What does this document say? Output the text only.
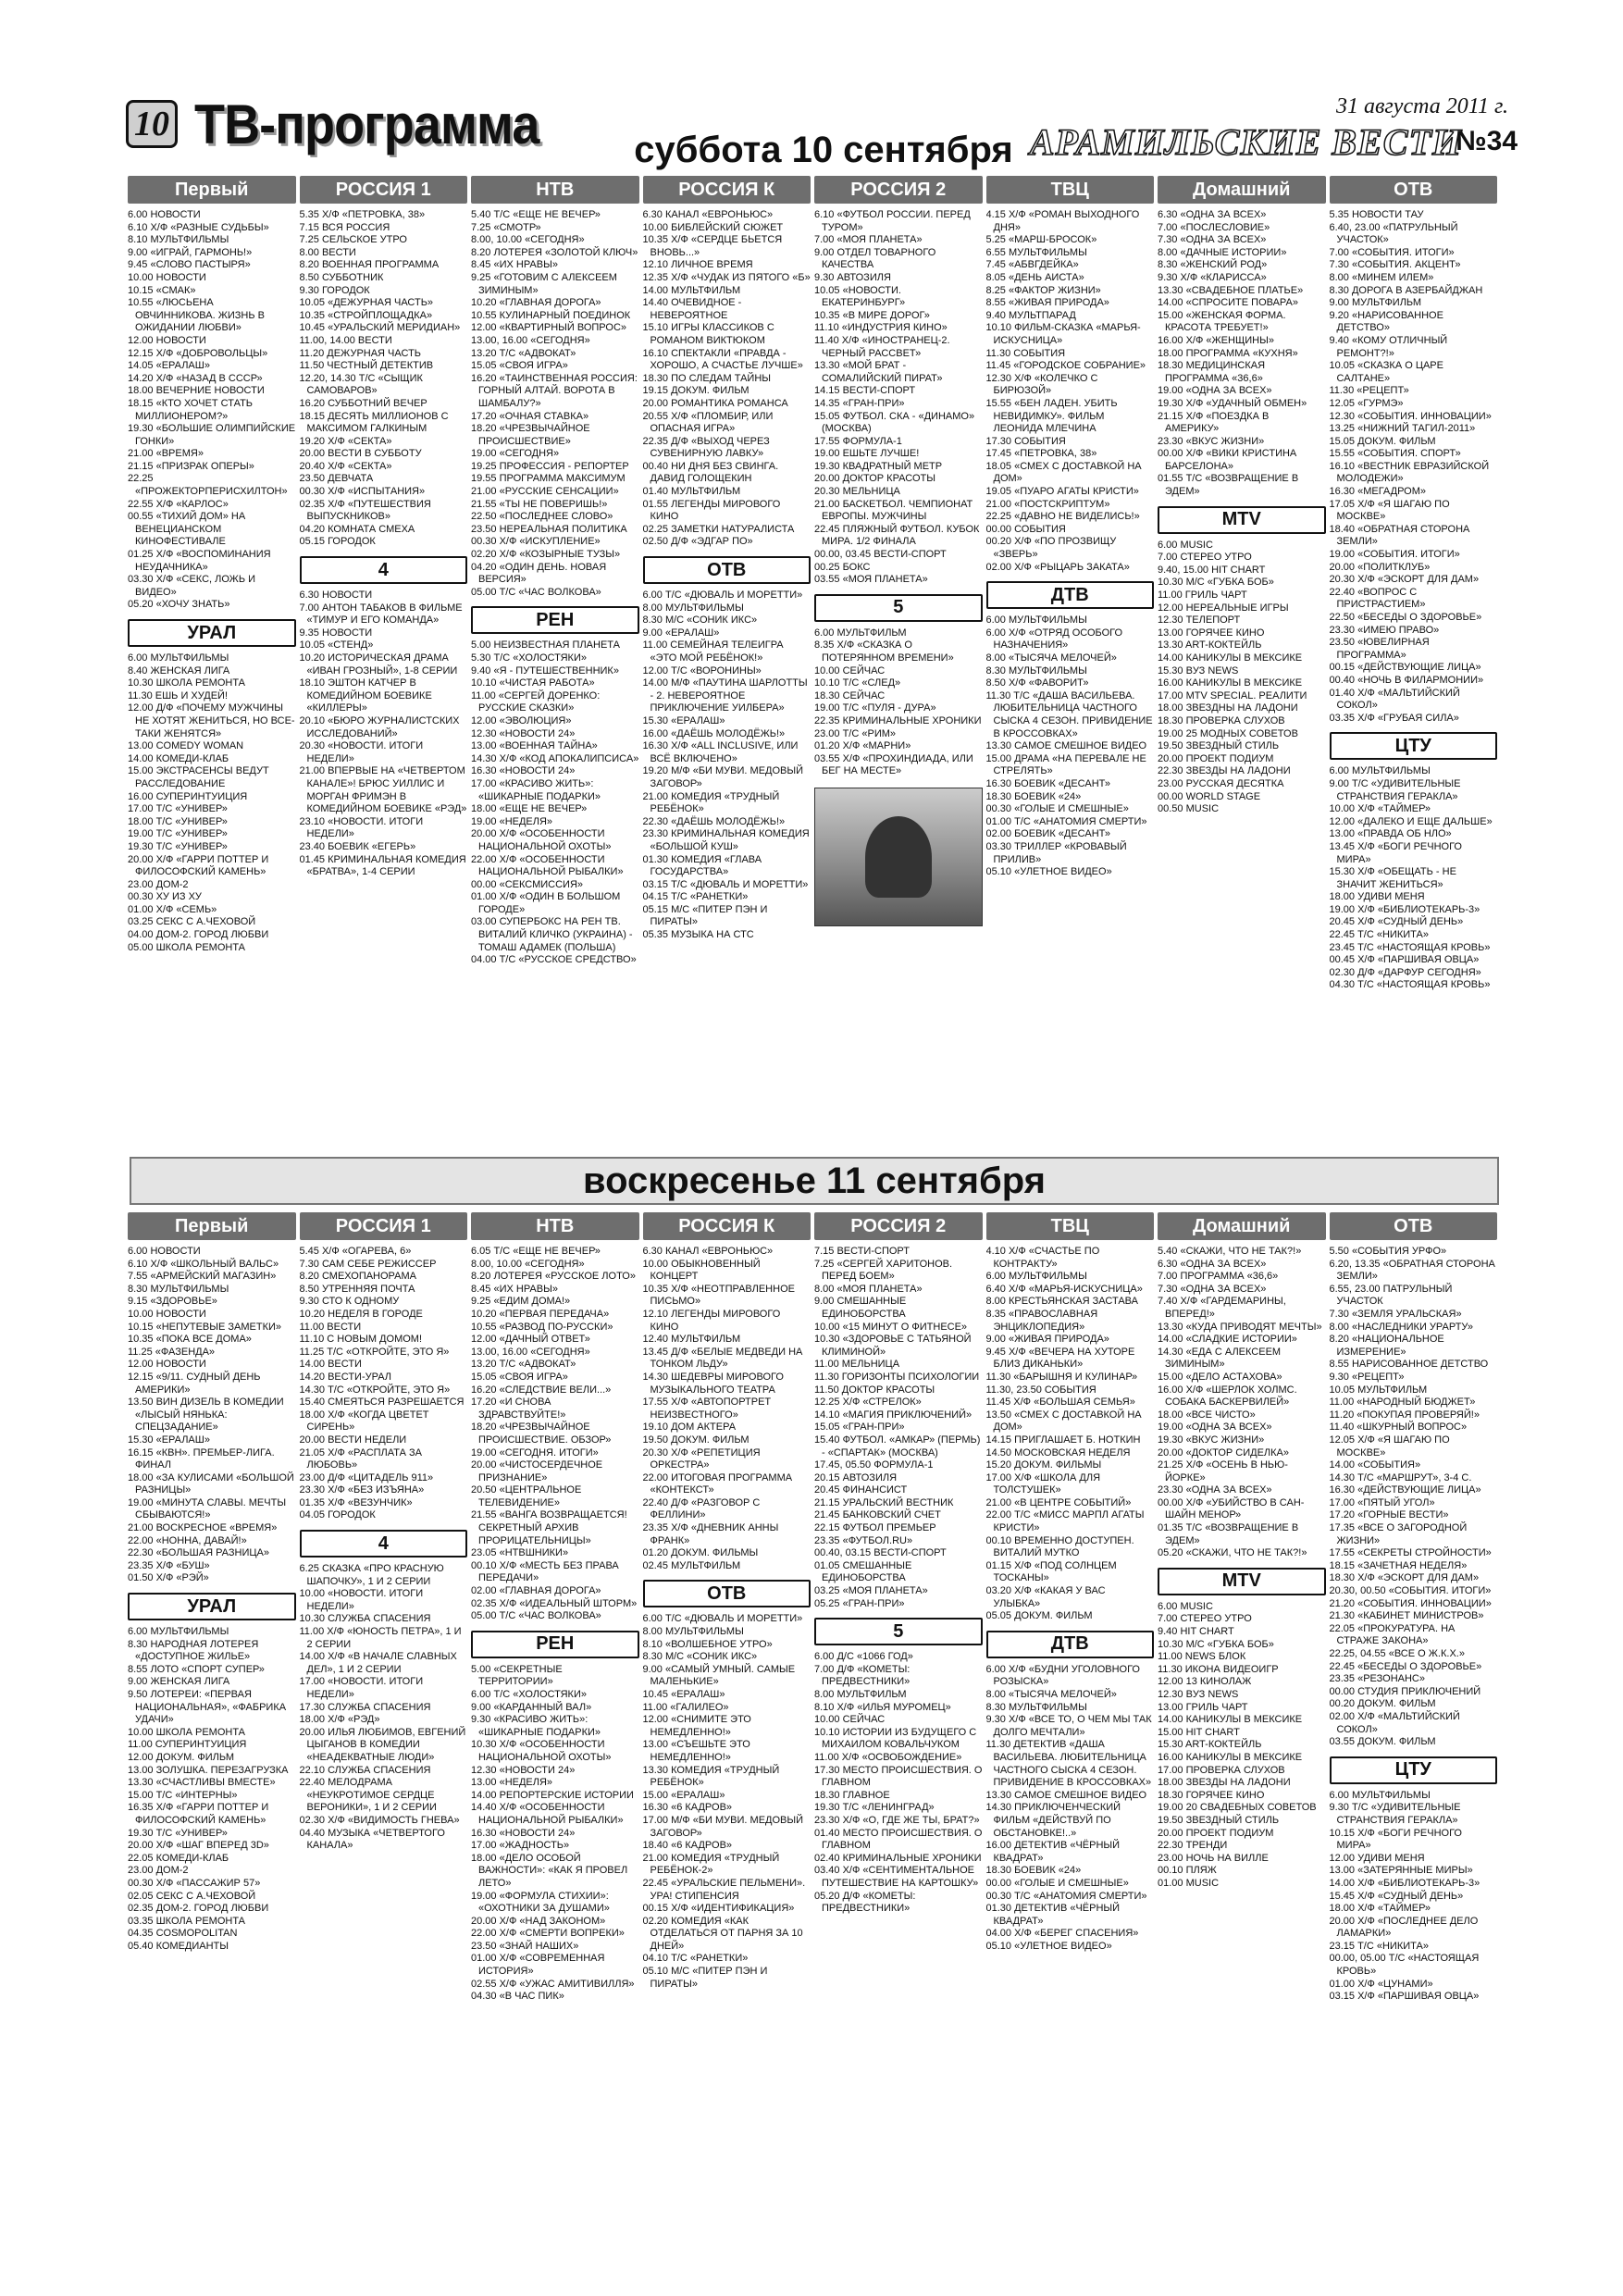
10 ТВ-программа	31 августа 2011 г.
АРАМИЛЬСКИЕ ВЕСТИ
№34
суббота 10 сентября
Первый
6.00 НОВОСТИ
6.10 Х/Ф «РАЗНЫЕ СУДЬБЫ»
8.10 МУЛЬТФИЛЬМЫ
9.00 «ИГРАЙ, ГАРМОНЬ!»
9.45 «СЛОВО ПАСТЫРЯ»
10.00 НОВОСТИ
10.15 «СМАК»
10.55 «ЛЮСЬЕНА ОВЧИННИКОВА. ЖИЗНЬ В ОЖИДАНИИ ЛЮБВИ»
12.00 НОВОСТИ
12.15 Х/Ф «ДОБРОВОЛЬЦЫ»
14.05 «ЕРАЛАШ»
14.20 Х/Ф «НАЗАД В СССР»
18.00 ВЕЧЕРНИЕ НОВОСТИ
18.15 «КТО ХОЧЕТ СТАТЬ МИЛЛИОНЕРОМ?»
19.30 «БОЛЬШИЕ ОЛИМПИЙСКИЕ ГОНКИ»
21.00 «ВРЕМЯ»
21.15 «ПРИЗРАК ОПЕРЫ»
22.25 «ПРОЖЕКТОРПЕРИСХИЛТОН»
22.55 Х/Ф «КАРЛОС»
00.55 «ТИХИЙ ДОМ» НА ВЕНЕЦИАНСКОМ КИНОФЕСТИВАЛЕ
01.25 Х/Ф «ВОСПОМИНАНИЯ НЕУДАЧНИКА»
03.30 Х/Ф «СЕКС, ЛОЖЬ И ВИДЕО»
05.20 «ХОЧУ ЗНАТЬ»
УРАЛ
6.00 МУЛЬТФИЛЬМЫ
8.40 ЖЕНСКАЯ ЛИГА
10.30 ШКОЛА РЕМОНТА
11.30 ЕШЬ И ХУДЕЙ!
12.00 Д/Ф «ПОЧЕМУ МУЖЧИНЫ НЕ ХОТЯТ ЖЕНИТЬСЯ, НО ВСЕ-ТАКИ ЖЕНЯТСЯ»
13.00 COMEDY WOMAN
14.00 КОМЕДИ-КЛАБ
15.00 ЭКСТРАСЕНСЫ ВЕДУТ РАССЛЕДОВАНИЕ
16.00 СУПЕРИНТУИЦИЯ
17.00 Т/С «УНИВЕР»
18.00 Т/С «УНИВЕР»
19.00 Т/С «УНИВЕР»
19.30 Т/С «УНИВЕР»
20.00 Х/Ф «ГАРРИ ПОТТЕР И ФИЛОСОФСКИЙ КАМЕНЬ»
23.00 ДОМ-2
00.30 ХУ ИЗ ХУ
01.00 Х/Ф «СЕМЬ»
03.25 СЕКС С А.ЧЕХОВОЙ
04.00 ДОМ-2. ГОРОД ЛЮБВИ
05.00 ШКОЛА РЕМОНТА
РОССИЯ 1
5.35 Х/Ф «ПЕТРОВКА, 38»
7.15 ВСЯ РОССИЯ
7.25 СЕЛЬСКОЕ УТРО
8.00 ВЕСТИ
8.20 ВОЕННАЯ ПРОГРАММА
8.50 СУББОТНИК
9.30 ГОРОДОК
10.05 «ДЕЖУРНАЯ ЧАСТЬ»
10.35 «СТРОЙПЛОЩАДКА»
10.45 «УРАЛЬСКИЙ МЕРИДИАН»
11.00, 14.00 ВЕСТИ
11.20 ДЕЖУРНАЯ ЧАСТЬ
11.50 ЧЕСТНЫЙ ДЕТЕКТИВ
12.20, 14.30 Т/С «СЫЩИК САМОВАРОВ»
16.20 СУББОТНИЙ ВЕЧЕР
18.15 ДЕСЯТЬ МИЛЛИОНОВ С МАКСИМОМ ГАЛКИНЫМ
19.20 Х/Ф «СЕКТА»
20.00 ВЕСТИ В СУББОТУ
20.40 Х/Ф «СЕКТА»
23.50 ДЕВЧАТА
00.30 Х/Ф «ИСПЫТАНИЯ»
02.35 Х/Ф «ПУТЕШЕСТВИЯ ВЫПУСКНИКОВ»
04.20 КОМНАТА СМЕХА
05.15 ГОРОДОК
4
6.30 НОВОСТИ
7.00 АНТОН ТАБАКОВ В ФИЛЬМЕ «ТИМУР И ЕГО КОМАНДА»
9.35 НОВОСТИ
10.05 «СТЕНД»
10.20 ИСТОРИЧЕСКАЯ ДРАМА «ИВАН ГРОЗНЫЙ», 1-8 СЕРИИ
18.10 ЭШТОН КАТЧЕР В КОМЕДИЙНОМ БОЕВИКЕ «КИЛЛЕРЫ»
20.10 «БЮРО ЖУРНАЛИСТСКИХ ИССЛЕДОВАНИЙ»
20.30 «НОВОСТИ. ИТОГИ НЕДЕЛИ»
21.00 ВПЕРВЫЕ НА «ЧЕТВЕРТОМ КАНАЛЕ»! БРЮС УИЛЛИС И МОРГАН ФРИМЭН В КОМЕДИЙНОМ БОЕВИКЕ «РЭД»
23.10 «НОВОСТИ. ИТОГИ НЕДЕЛИ»
23.40 БОЕВИК «ЕГЕРЬ»
01.45 КРИМИНАЛЬНАЯ КОМЕДИЯ «БРАТВА», 1-4 СЕРИИ
НТВ
5.40 Т/С «ЕЩЕ НЕ ВЕЧЕР»
7.25 «СМОТР»
8.00, 10.00 «СЕГОДНЯ»
8.20 ЛОТЕРЕЯ «ЗОЛОТОЙ КЛЮЧ»
8.45 «ИХ НРАВЫ»
9.25 «ГОТОВИМ С АЛЕКСЕЕМ ЗИМИНЫМ»
10.20 «ГЛАВНАЯ ДОРОГА»
10.55 КУЛИНАРНЫЙ ПОЕДИНОК
12.00 «КВАРТИРНЫЙ ВОПРОС»
13.00, 16.00 «СЕГОДНЯ»
13.20 Т/С «АДВОКАТ»
15.05 «СВОЯ ИГРА»
16.20 «ТАИНСТВЕННАЯ РОССИЯ: ГОРНЫЙ АЛТАЙ. ВОРОТА В ШАМБАЛУ?»
17.20 «ОЧНАЯ СТАВКА»
18.20 «ЧРЕЗВЫЧАЙНОЕ ПРОИСШЕСТВИЕ»
19.00 «СЕГОДНЯ»
19.25 ПРОФЕССИЯ - РЕПОРТЕР
19.55 ПРОГРАММА МАКСИМУМ
21.00 «РУССКИЕ СЕНСАЦИИ»
21.55 «ТЫ НЕ ПОВЕРИШЬ!»
22.50 «ПОСЛЕДНЕЕ СЛОВО»
23.50 НЕРЕАЛЬНАЯ ПОЛИТИКА
00.30 Х/Ф «ИСКУПЛЕНИЕ»
02.20 Х/Ф «КОЗЫРНЫЕ ТУЗЫ»
04.20 «ОДИН ДЕНЬ. НОВАЯ ВЕРСИЯ»
05.00 Т/С «ЧАС ВОЛКОВА»
РЕН
5.00 НЕИЗВЕСТНАЯ ПЛАНЕТА
5.30 Т/С «ХОЛОСТЯКИ»
9.40 «Я - ПУТЕШЕСТВЕННИК»
10.10 «ЧИСТАЯ РАБОТА»
11.00 «СЕРГЕЙ ДОРЕНКО: РУССКИЕ СКАЗКИ»
12.00 «ЭВОЛЮЦИЯ»
12.30 «НОВОСТИ 24»
13.00 «ВОЕННАЯ ТАЙНА»
14.30 Х/Ф «КОД АПОКАЛИПСИСА»
16.30 «НОВОСТИ 24»
17.00 «КРАСИВО ЖИТЬ»: «ШИКАРНЫЕ ПОДАРКИ»
18.00 «ЕЩЕ НЕ ВЕЧЕР»
19.00 «НЕДЕЛЯ»
20.00 Х/Ф «ОСОБЕННОСТИ НАЦИОНАЛЬНОЙ ОХОТЫ»
22.00 Х/Ф «ОСОБЕННОСТИ НАЦИОНАЛЬНОЙ РЫБАЛКИ»
00.00 «СЕКСМИССИЯ»
01.00 Х/Ф «ОДИН В БОЛЬШОМ ГОРОДЕ»
03.00 СУПЕРБОКС НА РЕН ТВ. ВИТАЛИЙ КЛИЧКО (УКРАИНА) - ТОМАШ АДАМЕК (ПОЛЬША)
04.00 Т/С «РУССКОЕ СРЕДСТВО»
РОССИЯ К
6.30 КАНАЛ «ЕВРОНЬЮС»
10.00 БИБЛЕЙСКИЙ СЮЖЕТ
10.35 Х/Ф «СЕРДЦЕ БЬЕТСЯ ВНОВЬ...»
12.10 ЛИЧНОЕ ВРЕМЯ
12.35 Х/Ф «ЧУДАК ИЗ ПЯТОГО «Б»
14.00 МУЛЬТФИЛЬМ
14.40 ОЧЕВИДНОЕ - НЕВЕРОЯТНОЕ
15.10 ИГРЫ КЛАССИКОВ С РОМАНОМ ВИКТЮКОМ
16.10 СПЕКТАКЛИ «ПРАВДА - ХОРОШО, А СЧАСТЬЕ ЛУЧШЕ»
18.30 ПО СЛЕДАМ ТАЙНЫ
19.15 ДОКУМ. ФИЛЬМ
20.00 РОМАНТИКА РОМАНСА
20.55 Х/Ф «ПЛОМБИР, ИЛИ ОПАСНАЯ ИГРА»
22.35 Д/Ф «ВЫХОД ЧЕРЕЗ СУВЕНИРНУЮ ЛАВКУ»
00.40 НИ ДНЯ БЕЗ СВИНГА. ДАВИД ГОЛОЩЕКИН
01.40 МУЛЬТФИЛЬМ
01.55 ЛЕГЕНДЫ МИРОВОГО КИНО
02.25 ЗАМЕТКИ НАТУРАЛИСТА
02.50 Д/Ф «ЭДГАР ПО»
ОТВ
6.00 Т/С «ДЮВАЛЬ И МОРЕТТИ»
8.00 МУЛЬТФИЛЬМЫ
8.30 М/С «СОНИК ИКС»
9.00 «ЕРАЛАШ»
11.00 СЕМЕЙНАЯ ТЕЛЕИГРА «ЭТО МОЙ РЕБЁНОК!»
12.00 Т/С «ВОРОНИНЫ»
14.00 М/Ф «ПАУТИНА ШАРЛОТТЫ - 2. НЕВЕРОЯТНОЕ ПРИКЛЮЧЕНИЕ УИЛБЕРА»
15.30 «ЕРАЛАШ»
16.00 «ДАЁШЬ МОЛОДЁЖЬ!»
16.30 Х/Ф «ALL INCLUSIVE, ИЛИ ВСЁ ВКЛЮЧЕНО»
19.20 М/Ф «БИ МУВИ. МЕДОВЫЙ ЗАГОВОР»
21.00 КОМЕДИЯ «ТРУДНЫЙ РЕБЁНОК»
22.30 «ДАЁШЬ МОЛОДЁЖЬ!»
23.30 КРИМИНАЛЬНАЯ КОМЕДИЯ «БОЛЬШОЙ КУШ»
01.30 КОМЕДИЯ «ГЛАВА ГОСУДАРСТВА»
03.15 Т/С «ДЮВАЛЬ И МОРЕТТИ»
04.15 Т/С «РАНЕТКИ»
05.15 М/С «ПИТЕР ПЭН И ПИРАТЫ»
05.35 МУЗЫКА НА СТС
РОССИЯ 2
6.10 «ФУТБОЛ РОССИИ. ПЕРЕД ТУРОМ»
7.00 «МОЯ ПЛАНЕТА»
9.00 ОТДЕЛ ТОВАРНОГО КАЧЕСТВА
9.30 АВТОЗИЛЯ
10.05 «НОВОСТИ. ЕКАТЕРИНБУРГ»
10.35 «В МИРЕ ДОРОГ»
11.10 «ИНДУСТРИЯ КИНО»
11.40 Х/Ф «ИНОСТРАНЕЦ-2. ЧЕРНЫЙ РАССВЕТ»
13.30 «МОЙ БРАТ - СОМАЛИЙСКИЙ ПИРАТ»
14.15 ВЕСТИ-СПОРТ
14.35 «ГРАН-ПРИ»
15.05 ФУТБОЛ. СКА - «ДИНАМО» (МОСКВА)
17.55 ФОРМУЛА-1
19.00 ЕШЬТЕ ЛУЧШЕ!
19.30 КВАДРАТНЫЙ МЕТР
20.00 ДОКТОР КРАСОТЫ
20.30 МЕЛЬНИЦА
21.00 БАСКЕТБОЛ. ЧЕМПИОНАТ ЕВРОПЫ. МУЖЧИНЫ
22.45 ПЛЯЖНЫЙ ФУТБОЛ. КУБОК МИРА. 1/2 ФИНАЛА
00.00, 03.45 ВЕСТИ-СПОРТ
00.25 БОКС
03.55 «МОЯ ПЛАНЕТА»
5
6.00 МУЛЬТФИЛЬМ
8.35 Х/Ф «СКАЗКА О ПОТЕРЯННОМ ВРЕМЕНИ»
10.00 СЕЙЧАС
10.10 Т/С «СЛЕД»
18.30 СЕЙЧАС
19.00 Т/С «ПУЛЯ - ДУРА»
22.35 КРИМИНАЛЬНЫЕ ХРОНИКИ
23.00 Т/С «РИМ»
01.20 Х/Ф «МАРНИ»
03.55 Х/Ф «ПРОХИНДИАДА, ИЛИ БЕГ НА МЕСТЕ»
ТВЦ
4.15 Х/Ф «РОМАН ВЫХОДНОГО ДНЯ»
5.25 «МАРШ-БРОСОК»
6.55 МУЛЬТФИЛЬМЫ
7.45 «АБВГДЕЙКА»
8.05 «ДЕНЬ АИСТА»
8.25 «ФАКТОР ЖИЗНИ»
8.55 «ЖИВАЯ ПРИРОДА»
9.40 МУЛЬТПАРАД
10.10 ФИЛЬМ-СКАЗКА «МАРЬЯ-ИСКУСНИЦА»
11.30 СОБЫТИЯ
11.45 «ГОРОДСКОЕ СОБРАНИЕ»
12.30 Х/Ф «КОЛЕЧКО С БИРЮЗОЙ»
15.55 «БЕН ЛАДЕН. УБИТЬ НЕВИДИМКУ». ФИЛЬМ ЛЕОНИДА МЛЕЧИНА
17.30 СОБЫТИЯ
17.45 «ПЕТРОВКА, 38»
18.05 «СМЕХ С ДОСТАВКОЙ НА ДОМ»
19.05 «ПУАРО АГАТЫ КРИСТИ»
21.00 «ПОСТСКРИПТУМ»
22.25 «ДАВНО НЕ ВИДЕЛИСЬ!»
00.00 СОБЫТИЯ
00.20 Х/Ф «ПО ПРОЗВИЩУ «ЗВЕРЬ»
02.00 Х/Ф «РЫЦАРЬ ЗАКАТА»
ДТВ
6.00 МУЛЬТФИЛЬМЫ
6.00 Х/Ф «ОТРЯД ОСОБОГО НАЗНАЧЕНИЯ»
8.00 «ТЫСЯЧА МЕЛОЧЕЙ»
8.30 МУЛЬТФИЛЬМЫ
8.50 Х/Ф «ФАВОРИТ»
11.30 Т/С «ДАША ВАСИЛЬЕВА. ЛЮБИТЕЛЬНИЦА ЧАСТНОГО СЫСКА 4 СЕЗОН. ПРИВИДЕНИЕ В КРОССОВКАХ»
13.30 САМОЕ СМЕШНОЕ ВИДЕО
15.00 ДРАМА «НА ПЕРЕВАЛЕ НЕ СТРЕЛЯТЬ»
16.30 БОЕВИК «ДЕСАНТ»
18.30 БОЕВИК «24»
00.30 «ГОЛЫЕ И СМЕШНЫЕ»
01.00 Т/С «АНАТОМИЯ СМЕРТИ»
02.00 БОЕВИК «ДЕСАНТ»
03.30 ТРИЛЛЕР «КРОВАВЫЙ ПРИЛИВ»
05.10 «УЛЕТНОЕ ВИДЕО»
Домашний
6.30 «ОДНА ЗА ВСЕХ»
7.00 «ПОСЛЕСЛОВИЕ»
7.30 «ОДНА ЗА ВСЕХ»
8.00 «ДАЧНЫЕ ИСТОРИИ»
8.30 «ЖЕНСКИЙ РОД»
9.30 Х/Ф «КЛАРИССА»
13.30 «СВАДЕБНОЕ ПЛАТЬЕ»
14.00 «СПРОСИТЕ ПОВАРА»
15.00 «ЖЕНСКАЯ ФОРМА. КРАСОТА ТРЕБУЕТ!»
16.00 Х/Ф «ЖЕНЩИНЫ»
18.00 ПРОГРАММА «КУХНЯ»
18.30 МЕДИЦИНСКАЯ ПРОГРАММА «36,6»
19.00 «ОДНА ЗА ВСЕХ»
19.30 Х/Ф «УДАЧНЫЙ ОБМЕН»
21.15 Х/Ф «ПОЕЗДКА В АМЕРИКУ»
23.30 «ВКУС ЖИЗНИ»
00.00 Х/Ф «ВИКИ КРИСТИНА БАРСЕЛОНА»
01.55 Т/С «ВОЗВРАЩЕНИЕ В ЭДЕМ»
MTV
6.00 MUSIC
7.00 СТЕРЕО УТРО
9.40, 15.00 HIT CHART
10.30 М/С «ГУБКА БОБ»
11.00 ГРИЛЬ ЧАРТ
12.00 НЕРЕАЛЬНЫЕ ИГРЫ
12.30 ТЕЛЕПОРТ
13.00 ГОРЯЧЕЕ КИНО
13.30 ART-КОКТЕЙЛЬ
14.00 КАНИКУЛЫ В МЕКСИКЕ
15.30 BУЗ NEWS
16.00 КАНИКУЛЫ В МЕКСИКЕ
17.00 MTV SPECIAL. РЕАЛИТИ
18.00 ЗВЕЗДНЫ НА ЛАДОНИ
18.30 ПРОВЕРКА СЛУХОВ
19.00 25 МОДНЫХ СОВЕТОВ
19.50 ЗВЕЗДНЫЙ СТИЛЬ
20.00 ПРОЕКТ ПОДИУМ
22.30 ЗВЕЗДЫ НА ЛАДОНИ
23.00 РУССКАЯ ДЕСЯТКА
00.00 WORLD STAGE
00.50 MUSIC
ОТВ
5.35 НОВОСТИ ТАУ
6.40, 23.00 «ПАТРУЛЬНЫЙ УЧАСТОК»
7.00 «СОБЫТИЯ. ИТОГИ»
7.30 «СОБЫТИЯ. АКЦЕНТ»
8.00 «МИНЕМ ИЛЕМ»
8.30 ДОРОГА В АЗЕРБАЙДЖАН
9.00 МУЛЬТФИЛЬМ
9.20 «НАРИСОВАННОЕ ДЕТСТВО»
9.40 «КОМУ ОТЛИЧНЫЙ РЕМОНТ?!»
10.05 «СКАЗКА О ЦАРЕ САЛТАНЕ»
11.30 «РЕЦЕПТ»
12.05 «ГУРМЭ»
12.30 «СОБЫТИЯ. ИННОВАЦИИ»
13.25 «НИЖНИЙ ТАГИЛ-2011»
15.05 ДОКУМ. ФИЛЬМ
15.55 «СОБЫТИЯ. СПОРТ»
16.10 «ВЕСТНИК ЕВРАЗИЙСКОЙ МОЛОДЕЖИ»
16.30 «МЕГАДРОМ»
17.05 Х/Ф «Я ШАГАЮ ПО МОСКВЕ»
18.40 «ОБРАТНАЯ СТОРОНА ЗЕМЛИ»
19.00 «СОБЫТИЯ. ИТОГИ»
20.00 «ПОЛИТКЛУБ»
20.30 Х/Ф «ЭСКОРТ ДЛЯ ДАМ»
22.40 «ВОПРОС С ПРИСТРАСТИЕМ»
22.50 «БЕСЕДЫ О ЗДОРОВЬЕ»
23.30 «ИМЕЮ ПРАВО»
23.50 «ЮВЕЛИРНАЯ ПРОГРАММА»
00.15 «ДЕЙСТВУЮЩИЕ ЛИЦА»
00.40 «НОЧЬ В ФИЛАРМОНИИ»
01.40 Х/Ф «МАЛЬТИЙСКИЙ СОКОЛ»
03.35 Х/Ф «ГРУБАЯ СИЛА»
ЦТУ
6.00 МУЛЬТФИЛЬМЫ
9.00 Т/С «УДИВИТЕЛЬНЫЕ СТРАНСТВИЯ ГЕРАКЛА»
10.00 Х/Ф «ТАЙМЕР»
12.00 «ДАЛЕКО И ЕЩЕ ДАЛЬШЕ»
13.00 «ПРАВДА ОБ НЛО»
13.45 Х/Ф «БОГИ РЕЧНОГО МИРА»
15.30 Х/Ф «ОБЕЩАТЬ - НЕ ЗНАЧИТ ЖЕНИТЬСЯ»
18.00 УДИВИ МЕНЯ
19.00 Х/Ф «БИБЛИОТЕКАРЬ-3»
20.45 Х/Ф «СУДНЫЙ ДЕНЬ»
22.45 Т/С «НИКИТА»
23.45 Т/С «НАСТОЯЩАЯ КРОВЬ»
00.45 Х/Ф «ПАРШИВАЯ ОВЦА»
02.30 Д/Ф «ДАРФУР СЕГОДНЯ»
04.30 Т/С «НАСТОЯЩАЯ КРОВЬ»
воскресенье 11 сентября
Первый
6.00 НОВОСТИ
6.10 Х/Ф «ШКОЛЬНЫЙ ВАЛЬС»
7.55 «АРМЕЙСКИЙ МАГАЗИН»
8.30 МУЛЬТФИЛЬМЫ
9.15 «ЗДОРОВЬЕ»
10.00 НОВОСТИ
10.15 «НЕПУТЕВЫЕ ЗАМЕТКИ»
10.35 «ПОКА ВСЕ ДОМА»
11.25 «ФАЗЕНДА»
12.00 НОВОСТИ
12.15 «9/11. СУДНЫЙ ДЕНЬ АМЕРИКИ»
13.50 ВИН ДИЗЕЛЬ В КОМЕДИИ «ЛЫСЫЙ НЯНЬКА: СПЕЦЗАДАНИЕ»
15.30 «ЕРАЛАШ»
16.15 «КВН». ПРЕМЬЕР-ЛИГА. ФИНАЛ
18.00 «ЗА КУЛИСАМИ «БОЛЬШОЙ РАЗНИЦЫ»
19.00 «МИНУТА СЛАВЫ. МЕЧТЫ СБЫВАЮТСЯ!»
21.00 ВОСКРЕСНОЕ «ВРЕМЯ»
22.00 «НОННА, ДАВАЙ!»
22.30 «БОЛЬШАЯ РАЗНИЦА»
23.35 Х/Ф «БУШ»
01.50 Х/Ф «РЭЙ»
УРАЛ
6.00 МУЛЬТФИЛЬМЫ
8.30 НАРОДНАЯ ЛОТЕРЕЯ «ДОСТУПНОЕ ЖИЛЬЕ»
8.55 ЛОТО «СПОРТ СУПЕР»
9.00 ЖЕНСКАЯ ЛИГА
9.50 ЛОТЕРЕИ: «ПЕРВАЯ НАЦИОНАЛЬНАЯ», «ФАБРИКА УДАЧИ»
10.00 ШКОЛА РЕМОНТА
11.00 СУПЕРИНТУИЦИЯ
12.00 ДОКУМ. ФИЛЬМ
13.00 ЗОЛУШКА. ПЕРЕЗАГРУЗКА
13.30 «СЧАСТЛИВЫ ВМЕСТЕ»
15.00 Т/С «ИНТЕРНЫ»
16.35 Х/Ф «ГАРРИ ПОТТЕР И ФИЛОСОФСКИЙ КАМЕНЬ»
19.30 Т/С «УНИВЕР»
20.00 Х/Ф «ШАГ ВПЕРЕД 3D»
22.05 КОМЕДИ-КЛАБ
23.00 ДОМ-2
00.30 Х/Ф «ПАССАЖИР 57»
02.05 СЕКС С А.ЧЕХОВОЙ
02.35 ДОМ-2. ГОРОД ЛЮБВИ
03.35 ШКОЛА РЕМОНТА
04.35 COSMOPOLITAN
05.40 КОМЕДИАНТЫ
РОССИЯ 1
5.45 Х/Ф «ОГАРЕВА, 6»
7.30 САМ СЕБЕ РЕЖИССЕР
8.20 СМЕХОПАНОРАМА
8.50 УТРЕННЯЯ ПОЧТА
9.30 СТО К ОДНОМУ
10.20 НЕДЕЛЯ В ГОРОДЕ
11.00 ВЕСТИ
11.10 С НОВЫМ ДОМОМ!
11.25 Т/С «ОТКРОЙТЕ, ЭТО Я»
14.00 ВЕСТИ
14.20 ВЕСТИ-УРАЛ
14.30 Т/С «ОТКРОЙТЕ, ЭТО Я»
15.40 СМЕЯТЬСЯ РАЗРЕШАЕТСЯ
18.00 Х/Ф «КОГДА ЦВЕТЕТ СИРЕНЬ»
20.00 ВЕСТИ НЕДЕЛИ
21.05 Х/Ф «РАСПЛАТА ЗА ЛЮБОВЬ»
23.00 Д/Ф «ЦИТАДЕЛЬ 911»
23.30 Х/Ф «БЕЗ ИЗЪЯНА»
01.35 Х/Ф «ВЕЗУНЧИК»
04.05 ГОРОДОК
4
6.25 СКАЗКА «ПРО КРАСНУЮ ШАПОЧКУ», 1 И 2 СЕРИИ
10.00 «НОВОСТИ. ИТОГИ НЕДЕЛИ»
10.30 СЛУЖБА СПАСЕНИЯ
11.00 Х/Ф «ЮНОСТЬ ПЕТРА», 1 И 2 СЕРИИ
14.00 Х/Ф «В НАЧАЛЕ СЛАВНЫХ ДЕЛ», 1 И 2 СЕРИИ
17.00 «НОВОСТИ. ИТОГИ НЕДЕЛИ»
17.30 СЛУЖБА СПАСЕНИЯ
18.00 Х/Ф «РЭД»
20.00 ИЛЬЯ ЛЮБИМОВ, ЕВГЕНИЙ ЦЫГАНОВ В КОМЕДИИ «НЕАДЕКВАТНЫЕ ЛЮДИ»
22.10 СЛУЖБА СПАСЕНИЯ
22.40 МЕЛОДРАМА «НЕУКРОТИМОЕ СЕРДЦЕ ВЕРОНИКИ», 1 И 2 СЕРИИ
02.30 Х/Ф «ВИДИМОСТЬ ГНЕВА»
04.40 МУЗЫКА «ЧЕТВЕРТОГО КАНАЛА»
НТВ
6.05 Т/С «ЕЩЕ НЕ ВЕЧЕР»
8.00, 10.00 «СЕГОДНЯ»
8.20 ЛОТЕРЕЯ «РУССКОЕ ЛОТО»
8.45 «ИХ НРАВЫ»
9.25 «ЕДИМ ДОМА!»
10.20 «ПЕРВАЯ ПЕРЕДАЧА»
10.55 «РАЗВОД ПО-РУССКИ»
12.00 «ДАЧНЫЙ ОТВЕТ»
13.00, 16.00 «СЕГОДНЯ»
13.20 Т/С «АДВОКАТ»
15.05 «СВОЯ ИГРА»
16.20 «СЛЕДСТВИЕ ВЕЛИ...»
17.20 «И СНОВА ЗДРАВСТВУЙТЕ!»
18.20 «ЧРЕЗВЫЧАЙНОЕ ПРОИСШЕСТВИЕ. ОБЗОР»
19.00 «СЕГОДНЯ. ИТОГИ»
20.00 «ЧИСТОСЕРДЕЧНОЕ ПРИЗНАНИЕ»
20.50 «ЦЕНТРАЛЬНОЕ ТЕЛЕВИДЕНИЕ»
21.55 «ВАНГА ВОЗВРАЩАЕТСЯ! СЕКРЕТНЫЙ АРХИВ ПРОРИЦАТЕЛЬНИЦЫ»
23.05 «НТВШНИКИ»
00.10 Х/Ф «МЕСТЬ БЕЗ ПРАВА ПЕРЕДАЧИ»
02.00 «ГЛАВНАЯ ДОРОГА»
02.35 Х/Ф «ИДЕАЛЬНЫЙ ШТОРМ»
05.00 Т/С «ЧАС ВОЛКОВА»
РЕН
5.00 «СЕКРЕТНЫЕ ТЕРРИТОРИИ»
6.00 Т/С «ХОЛОСТЯКИ»
9.00 «КАРДАННЫЙ ВАЛ»
9.30 «КРАСИВО ЖИТЬ»: «ШИКАРНЫЕ ПОДАРКИ»
10.30 Х/Ф «ОСОБЕННОСТИ НАЦИОНАЛЬНОЙ ОХОТЫ»
12.30 «НОВОСТИ 24»
13.00 «НЕДЕЛЯ»
14.00 РЕПОРТЕРСКИЕ ИСТОРИИ
14.40 Х/Ф «ОСОБЕННОСТИ НАЦИОНАЛЬНОЙ РЫБАЛКИ»
16.30 «НОВОСТИ 24»
17.00 «ЖАДНОСТЬ»
18.00 «ДЕЛО ОСОБОЙ ВАЖНОСТИ»: «КАК Я ПРОВЕЛ ЛЕТО»
19.00 «ФОРМУЛА СТИХИИ»: «ОХОТНИКИ ЗА ДУШАМИ»
20.00 Х/Ф «НАД ЗАКОНОМ»
22.00 Х/Ф «СМЕРТИ ВОПРЕКИ»
23.50 «ЗНАЙ НАШИХ»
01.00 Х/Ф «СОВРЕМЕННАЯ ИСТОРИЯ»
02.55 Х/Ф «УЖАС АМИТИВИЛЛЯ»
04.30 «В ЧАС ПИК»
РОССИЯ К
6.30 КАНАЛ «ЕВРОНЬЮС»
10.00 ОБЫКНОВЕННЫЙ КОНЦЕРТ
10.35 Х/Ф «НЕОТПРАВЛЕННОЕ ПИСЬМО»
12.10 ЛЕГЕНДЫ МИРОВОГО КИНО
12.40 МУЛЬТФИЛЬМ
13.45 Д/Ф «БЕЛЫЕ МЕДВЕДИ НА ТОНКОМ ЛЬДУ»
14.30 ШЕДЕВРЫ МИРОВОГО МУЗЫКАЛЬНОГО ТЕАТРА
17.55 Х/Ф «АВТОПОРТРЕТ НЕИЗВЕСТНОГО»
19.10 ДОМ АКТЕРА
19.50 ДОКУМ. ФИЛЬМ
20.30 Х/Ф «РЕПЕТИЦИЯ ОРКЕСТРА»
22.00 ИТОГОВАЯ ПРОГРАММА «КОНТЕКСТ»
22.40 Д/Ф «РАЗГОВОР С ФЕЛЛИНИ»
23.35 Х/Ф «ДНЕВНИК АННЫ ФРАНК»
01.20 ДОКУМ. ФИЛЬМЫ
02.45 МУЛЬТФИЛЬМ
ОТВ
6.00 Т/С «ДЮВАЛЬ И МОРЕТТИ»
8.00 МУЛЬТФИЛЬМЫ
8.10 «ВОЛШЕБНОЕ УТРО»
8.30 М/С «СОНИК ИКС»
9.00 «САМЫЙ УМНЫЙ. САМЫЕ МАЛЕНЬКИЕ»
10.45 «ЕРАЛАШ»
11.00 «ГАЛИЛЕО»
12.00 «СНИМИТЕ ЭТО НЕМЕДЛЕННО!»
13.00 «СЪЕШЬТЕ ЭТО НЕМЕДЛЕННО!»
13.30 КОМЕДИЯ «ТРУДНЫЙ РЕБЁНОК»
15.00 «ЕРАЛАШ»
16.30 «6 КАДРОВ»
17.00 М/Ф «БИ МУВИ. МЕДОВЫЙ ЗАГОВОР»
18.40 «6 КАДРОВ»
21.00 КОМЕДИЯ «ТРУДНЫЙ РЕБЁНОК-2»
22.45 «УРАЛЬСКИЕ ПЕЛЬМЕНИ». УРА! СТИПЕНСИЯ
00.15 Х/Ф «ИДЕНТИФИКАЦИЯ»
02.20 КОМЕДИЯ «КАК ОТДЕЛАТЬСЯ ОТ ПАРНЯ ЗА 10 ДНЕЙ»
04.10 Т/С «РАНЕТКИ»
05.10 М/С «ПИТЕР ПЭН И ПИРАТЫ»
РОССИЯ 2
7.15 ВЕСТИ-СПОРТ
7.25 «СЕРГЕЙ ХАРИТОНОВ. ПЕРЕД БОЕМ»
8.00 «МОЯ ПЛАНЕТА»
9.00 СМЕШАННЫЕ ЕДИНОБОРСТВА
10.00 «15 МИНУТ О ФИТНЕСЕ»
10.30 «ЗДОРОВЬЕ С ТАТЬЯНОЙ КЛИМИНОЙ»
11.00 МЕЛЬНИЦА
11.30 ГОРИЗОНТЫ ПСИХОЛОГИИ
11.50 ДОКТОР КРАСОТЫ
12.25 Х/Ф «СТРЕЛОК»
14.10 «МАГИЯ ПРИКЛЮЧЕНИЙ»
15.05 «ГРАН-ПРИ»
15.40 ФУТБОЛ. «АМКАР» (ПЕРМЬ) - «СПАРТАК» (МОСКВА)
17.45, 05.50 ФОРМУЛА-1
20.15 АВТОЗИЛЯ
20.45 ФИНАНСИСТ
21.15 УРАЛЬСКИЙ ВЕСТНИК
21.45 БАНКОВСКИЙ СЧЕТ
22.15 ФУТБОЛ ПРЕМЬЕР
23.35 «ФУТБОЛ.RU»
00.40, 03.15 ВЕСТИ-СПОРТ
01.05 СМЕШАННЫЕ ЕДИНОБОРСТВА
03.25 «МОЯ ПЛАНЕТА»
05.25 «ГРАН-ПРИ»
5
6.00 Д/С «1066 ГОД»
7.00 Д/Ф «КОМЕТЫ: ПРЕДВЕСТНИКИ»
8.00 МУЛЬТФИЛЬМ
8.10 Х/Ф «ИЛЬЯ МУРОМЕЦ»
10.00 СЕЙЧАС
10.10 ИСТОРИИ ИЗ БУДУЩЕГО С МИХАИЛОМ КОВАЛЬЧУКОМ
11.00 Х/Ф «ОСВОБОЖДЕНИЕ»
17.30 МЕСТО ПРОИСШЕСТВИЯ. О ГЛАВНОМ
18.30 ГЛАВНОЕ
19.30 Т/С «ЛЕНИНГРАД»
23.30 Х/Ф «О, ГДЕ ЖЕ ТЫ, БРАТ?»
01.40 МЕСТО ПРОИСШЕСТВИЯ. О ГЛАВНОМ
02.40 КРИМИНАЛЬНЫЕ ХРОНИКИ
03.40 Х/Ф «СЕНТИМЕНТАЛЬНОЕ ПУТЕШЕСТВИЕ НА КАРТОШКУ»
05.20 Д/Ф «КОМЕТЫ: ПРЕДВЕСТНИКИ»
ТВЦ
4.10 Х/Ф «СЧАСТЬЕ ПО КОНТРАКТУ»
6.00 МУЛЬТФИЛЬМЫ
6.40 Х/Ф «МАРЬЯ-ИСКУСНИЦА»
8.00 КРЕСТЬЯНСКАЯ ЗАСТАВА
8.35 «ПРАВОСЛАВНАЯ ЭНЦИКЛОПЕДИЯ»
9.00 «ЖИВАЯ ПРИРОДА»
9.45 Х/Ф «ВЕЧЕРА НА ХУТОРЕ БЛИЗ ДИКАНЬКИ»
11.30 «БАРЫШНЯ И КУЛИНАР»
11.30, 23.50 СОБЫТИЯ
11.45 Х/Ф «БОЛЬШАЯ СЕМЬЯ»
13.50 «СМЕХ С ДОСТАВКОЙ НА ДОМ»
14.15 ПРИГЛАШАЕТ Б. НОТКИН
14.50 МОСКОВСКАЯ НЕДЕЛЯ
15.20 ДОКУМ. ФИЛЬМЫ
17.00 Х/Ф «ШКОЛА ДЛЯ ТОЛСТУШЕК»
21.00 «В ЦЕНТРЕ СОБЫТИЙ»
22.00 Т/С «МИСС МАРПЛ АГАТЫ КРИСТИ»
00.10 ВРЕМЕННО ДОСТУПЕН. ВИТАЛИЙ МУТКО
01.15 Х/Ф «ПОД СОЛНЦЕМ ТОСКАНЫ»
03.20 Х/Ф «КАКАЯ У ВАС УЛЫБКА»
05.05 ДОКУМ. ФИЛЬМ
ДТВ
6.00 Х/Ф «БУДНИ УГОЛОВНОГО РОЗЫСКА»
8.00 «ТЫСЯЧА МЕЛОЧЕЙ»
8.30 МУЛЬТФИЛЬМЫ
9.30 Х/Ф «ВСЕ ТО, О ЧЕМ МЫ ТАК ДОЛГО МЕЧТАЛИ»
11.30 ДЕТЕКТИВ «ДАША ВАСИЛЬЕВА. ЛЮБИТЕЛЬНИЦА ЧАСТНОГО СЫСКА 4 СЕЗОН. ПРИВИДЕНИЕ В КРОССОВКАХ»
13.30 САМОЕ СМЕШНОЕ ВИДЕО
14.30 ПРИКЛЮЧЕНЧЕСКИЙ ФИЛЬМ «ДЕЙСТВУЙ ПО ОБСТАНОВКЕ!..»
16.00 ДЕТЕКТИВ «ЧЁРНЫЙ КВАДРАТ»
18.30 БОЕВИК «24»
00.00 «ГОЛЫЕ И СМЕШНЫЕ»
00.30 Т/С «АНАТОМИЯ СМЕРТИ»
01.30 ДЕТЕКТИВ «ЧЁРНЫЙ КВАДРАТ»
04.00 Х/Ф «БЕРЕГ СПАСЕНИЯ»
05.10 «УЛЕТНОЕ ВИДЕО»
Домашний
5.40 «СКАЖИ, ЧТО НЕ ТАК?!»
6.30 «ОДНА ЗА ВСЕХ»
7.00 ПРОГРАММА «36,6»
7.30 «ОДНА ЗА ВСЕХ»
7.40 Х/Ф «ГАРДЕМАРИНЫ, ВПЕРЕД!»
13.30 «КУДА ПРИВОДЯТ МЕЧТЫ»
14.00 «СЛАДКИЕ ИСТОРИИ»
14.30 «ЕДА С АЛЕКСЕЕМ ЗИМИНЫМ»
15.00 «ДЕЛО АСТАХОВА»
16.00 Х/Ф «ШЕРЛОК ХОЛМС. СОБАКА БАСКЕРВИЛЕЙ»
18.00 «ВСЕ ЧИСТО»
19.00 «ОДНА ЗА ВСЕХ»
19.30 «ВКУС ЖИЗНИ»
20.00 «ДОКТОР СИДЕЛКА»
21.25 Х/Ф «ОСЕНЬ В НЬЮ-ЙОРКЕ»
23.30 «ОДНА ЗА ВСЕХ»
00.00 Х/Ф «УБИЙСТВО В САН-ШАЙН МЕНОР»
01.35 Т/С «ВОЗВРАЩЕНИЕ В ЭДЕМ»
05.20 «СКАЖИ, ЧТО НЕ ТАК?!»
MTV
6.00 MUSIC
7.00 СТЕРЕО УТРО
9.40 HIT CHART
10.30 М/С «ГУБКА БОБ»
11.00 NEWS БЛОК
11.30 ИКОНА ВИДЕОИГР
12.00 13 КИНОЛАЖ
12.30 BУЗ NEWS
13.00 ГРИЛЬ ЧАРТ
14.00 КАНИКУЛЫ В МЕКСИКЕ
15.00 HIT CHART
15.30 ART-КОКТЕЙЛЬ
16.00 КАНИКУЛЫ В МЕКСИКЕ
17.00 ПРОВЕРКА СЛУХОВ
18.00 ЗВЕЗДЫ НА ЛАДОНИ
18.30 ГОРЯЧЕЕ КИНО
19.00 20 СВАДЕБНЫХ СОВЕТОВ
19.50 ЗВЕЗДНЫЙ СТИЛЬ
20.00 ПРОЕКТ ПОДИУМ
22.30 ТРЕНДИ
23.00 НОЧЬ НА ВИЛЛЕ
00.10 ПЛЯЖ
01.00 MUSIC
ОТВ
5.50 «СОБЫТИЯ УРФО»
6.20, 13.35 «ОБРАТНАЯ СТОРОНА ЗЕМЛИ»
6.55, 23.00 ПАТРУЛЬНЫЙ УЧАСТОК
7.30 «ЗЕМЛЯ УРАЛЬСКАЯ»
8.00 «НАСЛЕДНИКИ УРАРТУ»
8.20 «НАЦИОНАЛЬНОЕ ИЗМЕРЕНИЕ»
8.55 НАРИСОВАННОЕ ДЕТСТВО
9.30 «РЕЦЕПТ»
10.05 МУЛЬТФИЛЬМ
11.00 «НАРОДНЫЙ БЮДЖЕТ»
11.20 «ПОКУПАЯ ПРОВЕРЯЙ!»
11.40 «ШКУРНЫЙ ВОПРОС»
12.05 Х/Ф «Я ШАГАЮ ПО МОСКВЕ»
14.00 «СОБЫТИЯ»
14.30 Т/С «МАРШРУТ», 3-4 С.
16.30 «ДЕЙСТВУЮЩИЕ ЛИЦА»
17.00 «ПЯТЫЙ УГОЛ»
17.20 «ГОРНЫЕ ВЕСТИ»
17.35 «ВСЕ О ЗАГОРОДНОЙ ЖИЗНИ»
17.55 «СЕКРЕТЫ СТРОЙНОСТИ»
18.15 «ЗАЧЕТНАЯ НЕДЕЛЯ»
18.30 Х/Ф «ЭСКОРТ ДЛЯ ДАМ»
20.30, 00.50 «СОБЫТИЯ. ИТОГИ»
21.20 «СОБЫТИЯ. ИННОВАЦИИ»
21.30 «КАБИНЕТ МИНИСТРОВ»
22.05 «ПРОКУРАТУРА. НА СТРАЖЕ ЗАКОНА»
22.25, 04.55 «ВСЕ О Ж.К.Х.»
22.45 «БЕСЕДЫ О ЗДОРОВЬЕ»
23.35 «РЕЗОНАНС»
00.00 СТУДИЯ ПРИКЛЮЧЕНИЙ
00.20 ДОКУМ. ФИЛЬМ
02.00 Х/Ф «МАЛЬТИЙСКИЙ СОКОЛ»
03.55 ДОКУМ. ФИЛЬМ
ЦТУ
6.00 МУЛЬТФИЛЬМЫ
9.30 Т/С «УДИВИТЕЛЬНЫЕ СТРАНСТВИЯ ГЕРАКЛА»
10.15 Х/Ф «БОГИ РЕЧНОГО МИРА»
12.00 УДИВИ МЕНЯ
13.00 «ЗАТЕРЯННЫЕ МИРЫ»
14.00 Х/Ф «БИБЛИОТЕКАРЬ-3»
15.45 Х/Ф «СУДНЫЙ ДЕНЬ»
18.00 Х/Ф «ТАЙМЕР»
20.00 Х/Ф «ПОСЛЕДНЕЕ ДЕЛО ЛАМАРКИ»
23.15 Т/С «НИКИТА»
00.00, 05.00 Т/С «НАСТОЯЩАЯ КРОВЬ»
01.00 Х/Ф «ЦУНАМИ»
03.15 Х/Ф «ПАРШИВАЯ ОВЦА»
